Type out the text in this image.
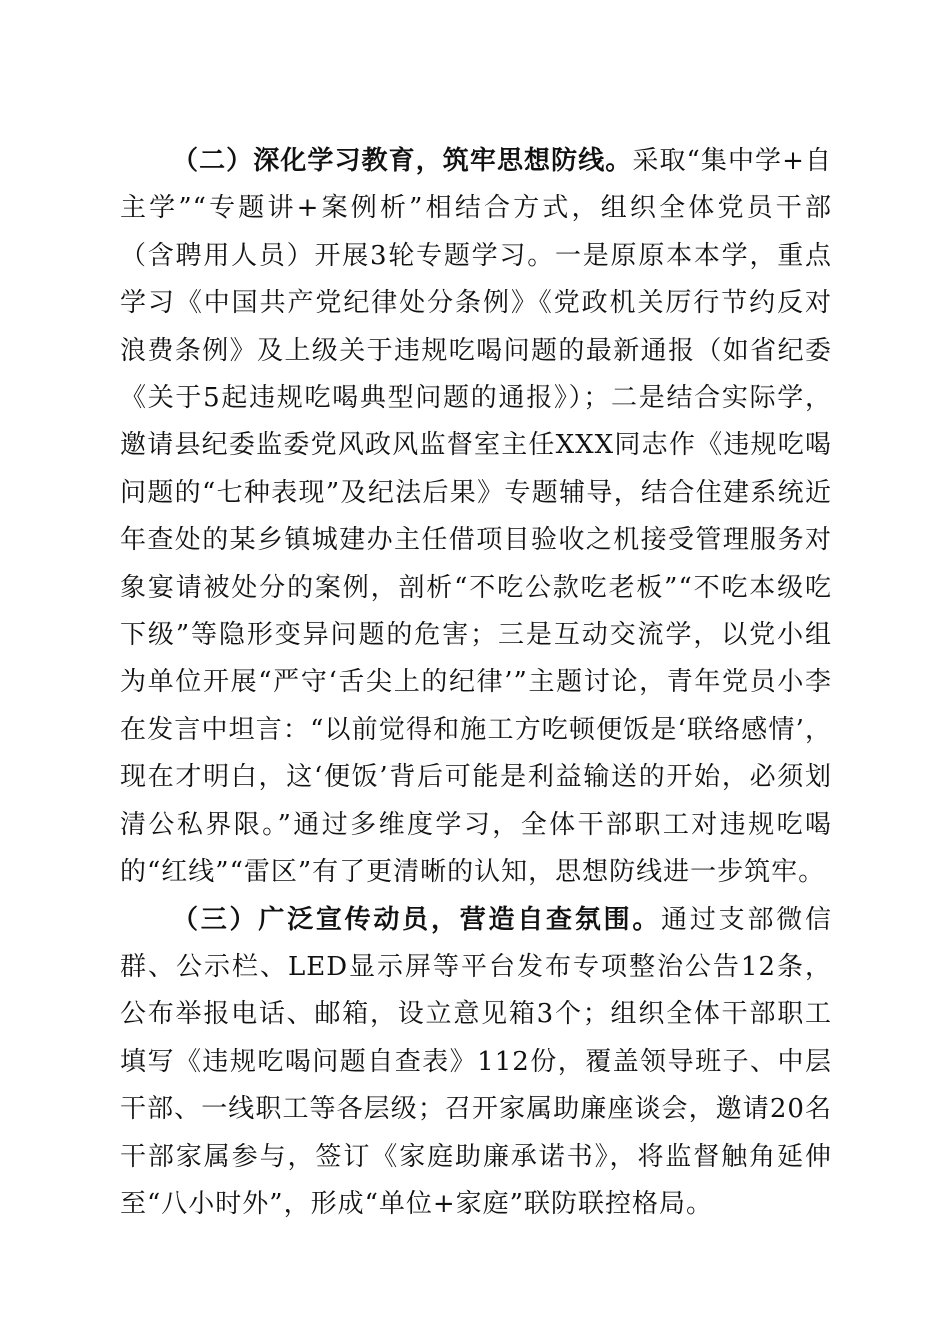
（二）深化学习教育，筑牢思想防线。采取“集中学+自主学”“专题讲+案例析”相结合方式，组织全体党员干部（含聘用人员）开展3轮专题学习。一是原原本本学，重点学习《中国共产党纪律处分条例》《党政机关厉行节约反对浪费条例》及上级关于违规吃喝问题的最新通报（如省纪委《关于5起违规吃喝典型问题的通报》）；二是结合实际学，邀请县纪委监委党风政风监督室主任XXX同志作《违规吃喝问题的“七种表现”及纪法后果》专题辅导，结合住建系统近年查处的某乡镇城建办主任借项目验收之机接受管理服务对象宴请被处分的案例，剖析“不吃公款吃老板”“不吃本级吃下级”等隐形变异问题的危害；三是互动交流学，以党小组为单位开展“严守‘舌尖上的纪律’”主题讨论，青年党员小李在发言中坦言：“以前觉得和施工方吃顿便饭是‘联络感情’，现在才明白，这‘便饭’背后可能是利益输送的开始，必须划清公私界限。”通过多维度学习，全体干部职工对违规吃喝的“红线”“雷区”有了更清晰的认知，思想防线进一步筑牢。

（三）广泛宣传动员，营造自查氛围。通过支部微信群、公示栏、LED显示屏等平台发布专项整治公告12条，公布举报电话、邮箱，设立意见箱3个；组织全体干部职工填写《违规吃喝问题自查表》112份，覆盖领导班子、中层干部、一线职工等各层级；召开家属助廉座谈会，邀请20名干部家属参与，签订《家庭助廉承诺书》，将监督触角延伸至“八小时外”，形成“单位+家庭”联防联控格局。
